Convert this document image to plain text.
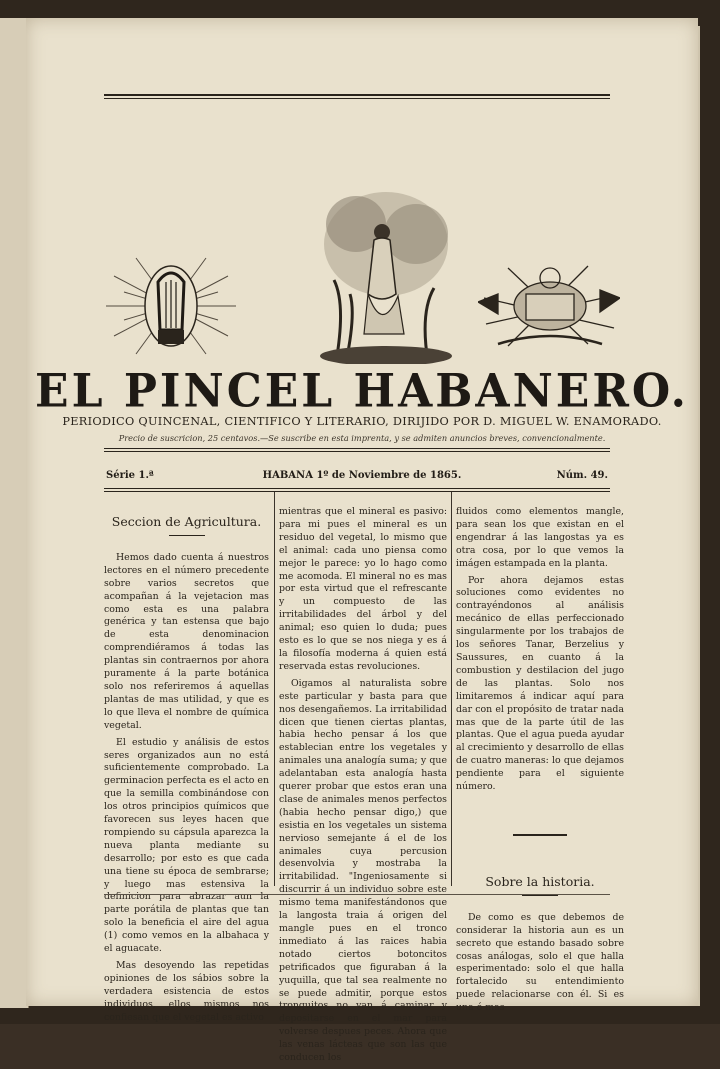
EL PINCEL HABANERO.
PERIODICO QUINCENAL, CIENTIFICO Y LITERARIO, DIRIJIDO POR D. MIGUEL W. ENAMORADO.
Precio de suscricion, 25 centavos.—Se suscribe en esta imprenta, y se admiten anuncios breves, convencionalmente.
Série 1.ª	HABANA 1º de Noviembre de 1865.	Núm. 49.
Seccion de Agricultura.

Hemos dado cuenta á nuestros lectores en el número precedente sobre varios secretos que acompañan á la vejetacion mas como esta es una palabra genérica y tan estensa que bajo de esta denominacion comprendiéramos á todas las plantas sin contraernos por ahora puramente á la parte botánica solo nos referiremos á aquellas plantas de mas utilidad, y que es lo que lleva el nombre de química vegetal.

El estudio y análisis de estos seres organizados aun no está suficientemente comprobado. La germinacion perfecta es el acto en que la semilla combinándose con los otros principios químicos que favorecen sus leyes hacen que rompiendo su cápsula aparezca la nueva planta mediante su desarrollo; por esto es que cada una tiene su época de sembrarse; y luego mas estensiva la definicion para abrazar aun la parte porátila de plantas que tan solo la beneficia el aire del agua (1) como vemos en la albahaca y el aguacate.

Mas desoyendo las repetidas opiniones de los sábios sobre la verdadera esistencia de estos individuos, ellos mismos nos confiesan que el vegetal es activo

mientras que el mineral es pasivo: para mi pues el mineral es un residuo del vegetal, lo mismo que el animal: cada uno piensa como mejor le parece: yo lo hago como me acomoda. El mineral no es mas por esta virtud que el refrescante y un compuesto de las irritabilidades del árbol y del animal; eso quien lo duda; pues esto es lo que se nos niega y es á la filosofía moderna á quien está reservada estas revoluciones.

Oigamos al naturalista sobre este particular y basta para que nos desengañemos. La irritabilidad dicen que tienen ciertas plantas, habia hecho pensar á los que establecian entre los vegetales y animales una analogía suma; y que adelantaban esta analogía hasta querer probar que estos eran una clase de animales menos perfectos (habia hecho pensar digo,) que esistia en los vegetales un sistema nervioso semejante á el de los animales cuya percusion desenvolvia y mostraba la irritabilidad. "Ingeniosamente si discurrir á un individuo sobre este mismo tema manifestándonos que la langosta traia á origen del mangle pues en el tronco inmediato á las raices habia notado ciertos botoncitos petrificados que figuraban á la yuquilla, que tal sea realmente no se puede admitir, porque estos tronquitos no van á caminar y depositarse en el mar para volverse despues peces. Ahora que las venas lácteas que son las que conducen los

fluidos como elementos mangle, para sean los que existan en el engendrar á las langostas ya es otra cosa, por lo que vemos la imágen estampada en la planta.

Por ahora dejamos estas soluciones como evidentes no contrayéndonos al análisis mecánico de ellas perfeccionado singularmente por los trabajos de los señores Tanar, Berzelius y Saussures, en cuanto á la combustion y destilacion del jugo de las plantas. Solo nos limitaremos á indicar aquí para dar con el propósito de tratar nada mas que de la parte útil de las plantas. Que el agua pueda ayudar al crecimiento y desarrollo de ellas de cuatro maneras: lo que dejamos pendiente para el siguiente número.

Sobre la historia.

De como es que debemos de considerar la historia aun es un secreto que estando basado sobre cosas análogas, solo el que halla esperimentado: solo el que halla fortalecido su entendimiento puede relacionarse con él. Si es una ó mas
